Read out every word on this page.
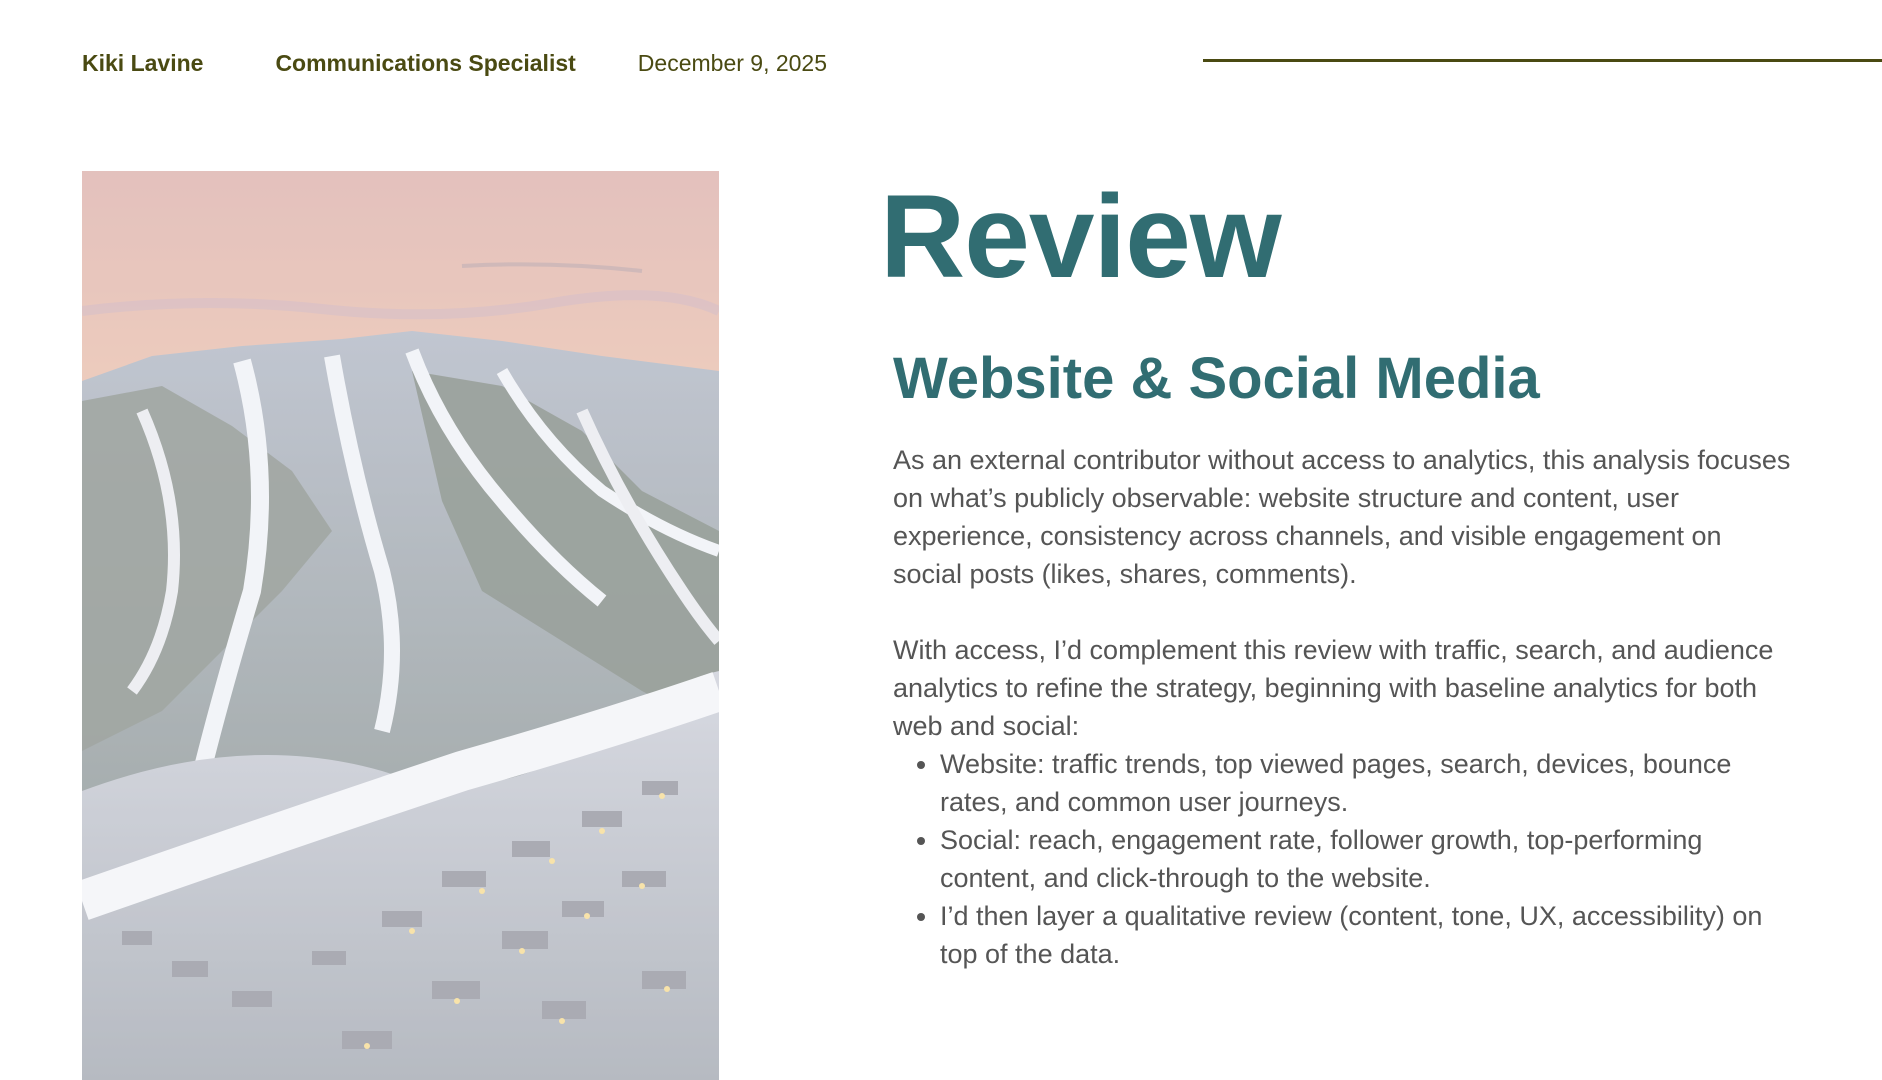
Kiki Lavine	Communications Specialist	December 9, 2025
Review
Website & Social Media

As an external contributor without access to analytics, this analysis focuses on what’s publicly observable: website structure and content, user experience, consistency across channels, and visible engagement on social posts (likes, shares, comments).

With access, I’d complement this review with traffic, search, and audience analytics to refine the strategy, beginning with baseline analytics for both web and social:

• Website: traffic trends, top viewed pages, search, devices, bounce rates, and common user journeys.
• Social: reach, engagement rate, follower growth, top-performing content, and click-through to the website.
• I’d then layer a qualitative review (content, tone, UX, accessibility) on top of the data.
